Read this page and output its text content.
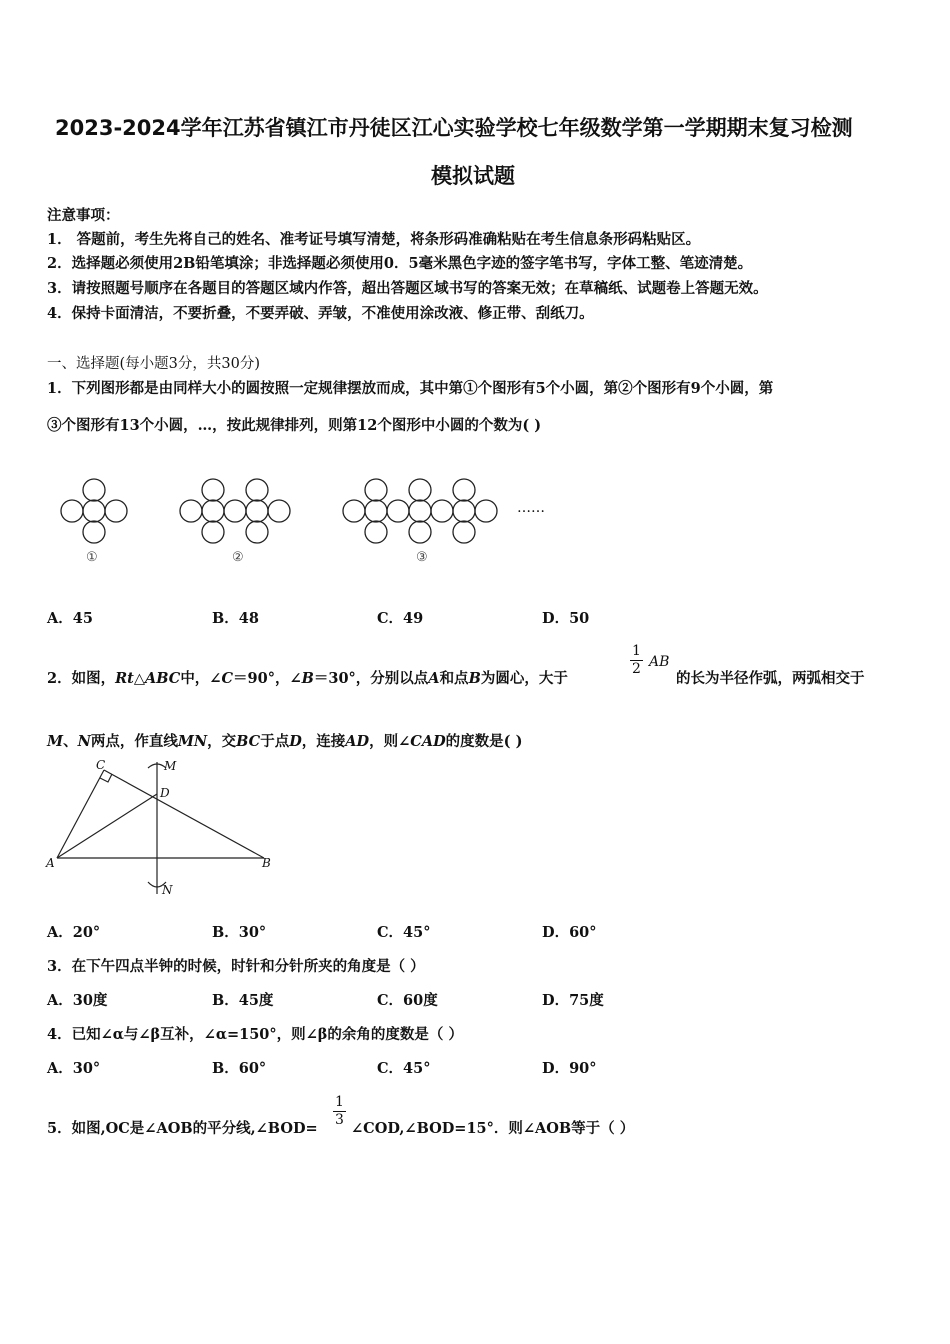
2023-2024学年江苏省镇江市丹徒区江心实验学校七年级数学第一学期期末复习检测
模拟试题
注意事项：
1． 答题前，考生先将自己的姓名、准考证号填写清楚，将条形码准确粘贴在考生信息条形码粘贴区。
2．选择题必须使用2B铅笔填涂；非选择题必须使用0．5毫米黑色字迹的签字笔书写，字体工整、笔迹清楚。
3．请按照题号顺序在各题目的答题区域内作答，超出答题区域书写的答案无效；在草稿纸、试题卷上答题无效。
4．保持卡面清洁，不要折叠，不要弄破、弄皱，不准使用涂改液、修正带、刮纸刀。
一、选择题(每小题3分，共30分)
1．下列图形都是由同样大小的圆按照一定规律摆放而成，其中第①个图形有5个小圆，第②个图形有9个小圆，第
③个图形有13个小圆，…，按此规律排列，则第12个图形中小圆的个数为( )
①	②	③
……
A．45	B．48	C．49	D．50
2．如图，Rt△ABC中，∠C＝90°，∠B＝30°，分别以点A和点B为圆心，大于
$\frac{1}{2}$ AB
的长为半径作弧，两弧相交于
M、N两点，作直线MN，交BC于点D，连接AD，则∠CAD的度数是( )
C	M
D
A	B
N
A．20°	B．30°	C．45°	D．60°
3．在下午四点半钟的时候，时针和分针所夹的角度是（ ）
A．30度	B．45度	C．60度	D．75度
4．已知∠α与∠β互补，∠α=150°，则∠β的余角的度数是（ ）
A．30°	B．60°	C．45°	D．90°
5．如图,OC是∠AOB的平分线,∠BOD= $\frac{1}{3}$ ∠COD,∠BOD=15°．则∠AOB等于（ ）
